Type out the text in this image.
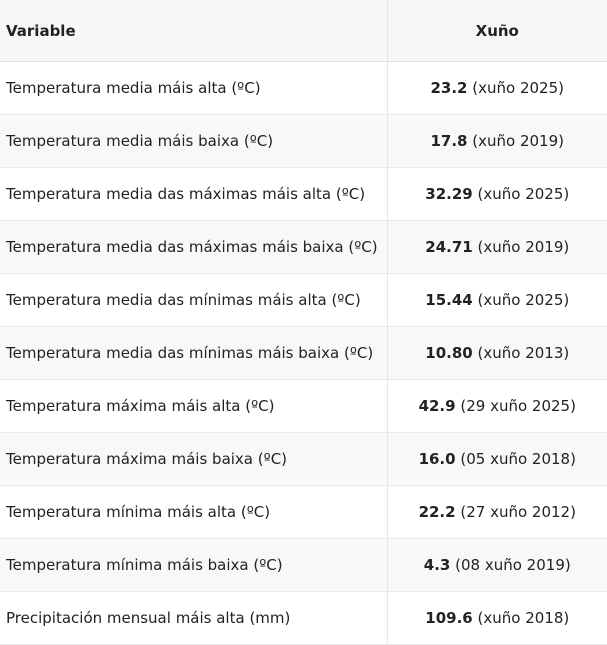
Variable	Xuño
Temperatura media máis alta (ºC)	23.2 (xuño 2025)
Temperatura media máis baixa (ºC)	17.8 (xuño 2019)
Temperatura media das máximas máis alta (ºC)	32.29 (xuño 2025)
Temperatura media das máximas máis baixa (ºC)	24.71 (xuño 2019)
Temperatura media das mínimas máis alta (ºC)	15.44 (xuño 2025)
Temperatura media das mínimas máis baixa (ºC)	10.80 (xuño 2013)
Temperatura máxima máis alta (ºC)	42.9 (29 xuño 2025)
Temperatura máxima máis baixa (ºC)	16.0 (05 xuño 2018)
Temperatura mínima máis alta (ºC)	22.2 (27 xuño 2012)
Temperatura mínima máis baixa (ºC)	4.3 (08 xuño 2019)
Precipitación mensual máis alta (mm)	109.6 (xuño 2018)
